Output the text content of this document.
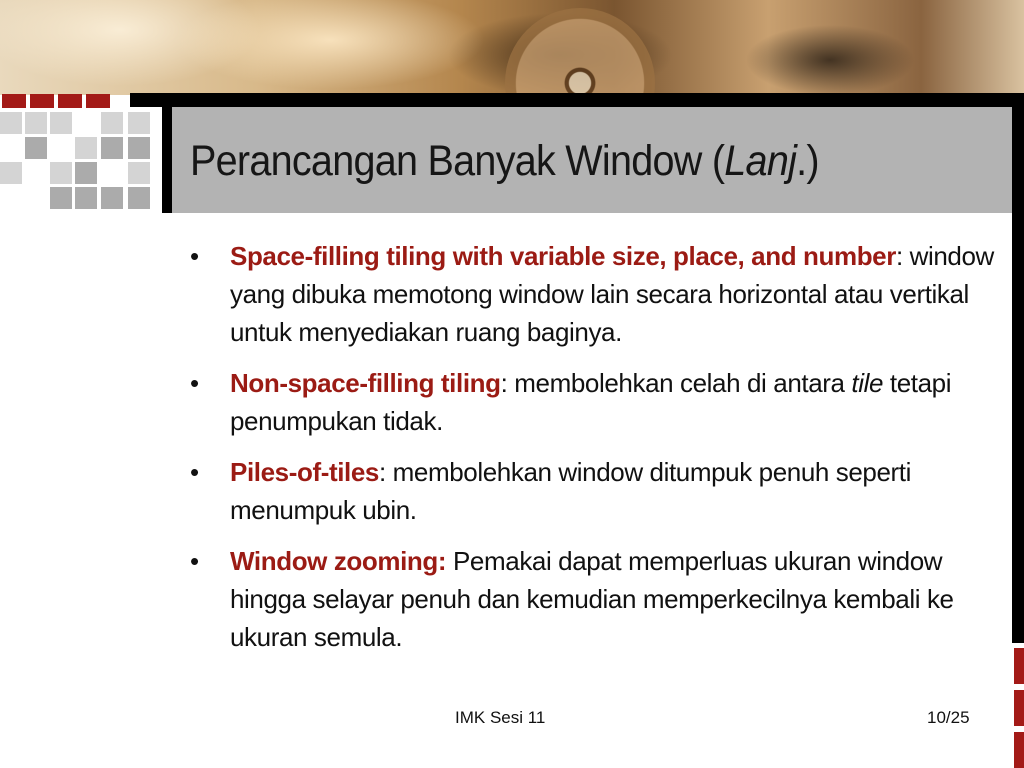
Perancangan Banyak Window (Lanj.)

• Space-filling tiling with variable size, place, and number: window yang dibuka memotong window lain secara horizontal atau vertikal untuk menyediakan ruang baginya.

• Non-space-filling tiling: membolehkan celah di antara tile tetapi penumpukan tidak.

• Piles-of-tiles: membolehkan window ditumpuk penuh seperti menumpuk ubin.

• Window zooming: Pemakai dapat memperluas ukuran window hingga selayar penuh dan kemudian memperkecilnya kembali ke ukuran semula.

IMK Sesi 11	10/25
